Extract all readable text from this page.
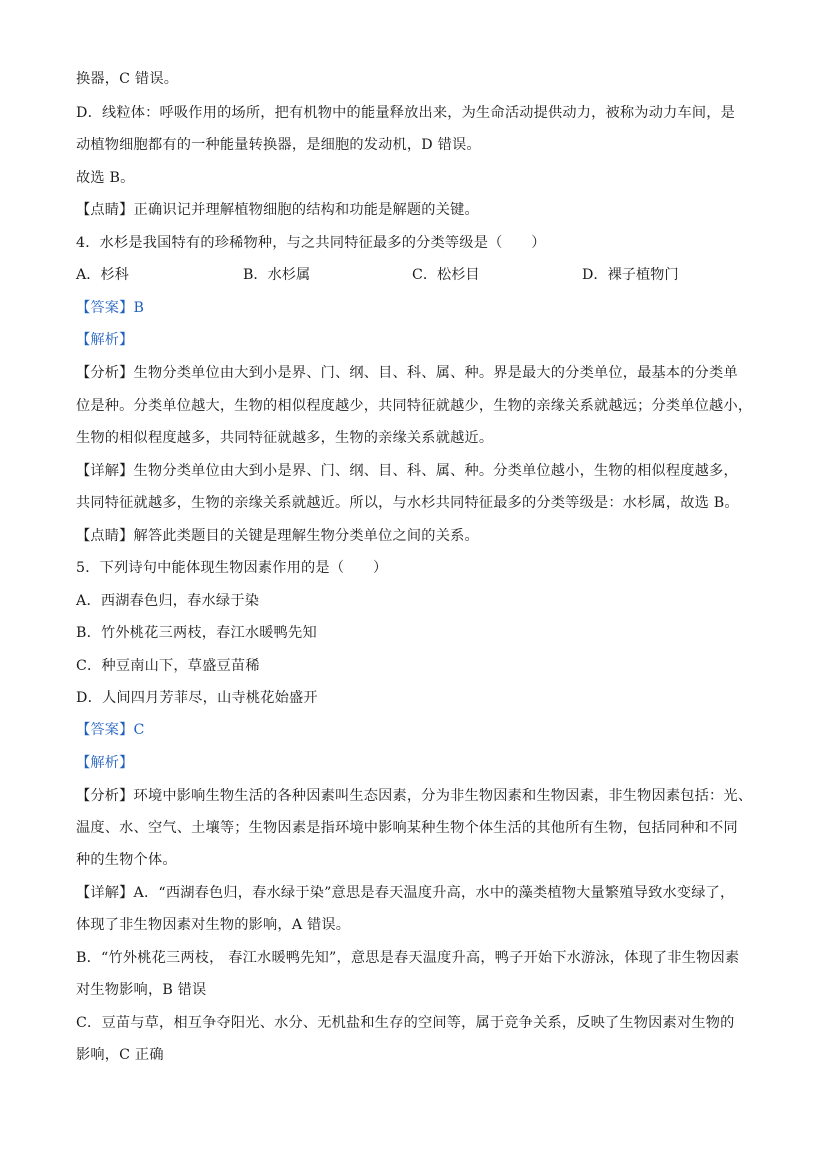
换器，C 错误。
D．线粒体：呼吸作用的场所，把有机物中的能量释放出来，为生命活动提供动力，被称为动力车间，是
动植物细胞都有的一种能量转换器，是细胞的发动机，D 错误。
故选 B。
【点睛】正确识记并理解植物细胞的结构和功能是解题的关键。
4．水杉是我国特有的珍稀物种，与之共同特征最多的分类等级是（　　）
A．杉科	B．水杉属	C．松杉目	D．裸子植物门
【答案】B
【解析】
【分析】生物分类单位由大到小是界、门、纲、目、科、属、种。界是最大的分类单位，最基本的分类单
位是种。分类单位越大，生物的相似程度越少，共同特征就越少，生物的亲缘关系就越远；分类单位越小，
生物的相似程度越多，共同特征就越多，生物的亲缘关系就越近。
【详解】生物分类单位由大到小是界、门、纲、目、科、属、种。分类单位越小，生物的相似程度越多，
共同特征就越多，生物的亲缘关系就越近。所以，与水杉共同特征最多的分类等级是：水杉属，故选 B。
【点睛】解答此类题目的关键是理解生物分类单位之间的关系。
5．下列诗句中能体现生物因素作用的是（　　）
A．西湖春色归，春水绿于染
B．竹外桃花三两枝，春江水暖鸭先知
C．种豆南山下，草盛豆苗稀
D．人间四月芳菲尽，山寺桃花始盛开
【答案】C
【解析】
【分析】环境中影响生物生活的各种因素叫生态因素，分为非生物因素和生物因素，非生物因素包括：光、
温度、水、空气、土壤等；生物因素是指环境中影响某种生物个体生活的其他所有生物，包括同种和不同
种的生物个体。
【详解】A．“西湖春色归，春水绿于染”意思是春天温度升高，水中的藻类植物大量繁殖导致水变绿了，
体现了非生物因素对生物的影响，A 错误。
B．“竹外桃花三两枝， 春江水暖鸭先知”，意思是春天温度升高，鸭子开始下水游泳，体现了非生物因素
对生物影响，B 错误
C．豆苗与草，相互争夺阳光、水分、无机盐和生存的空间等，属于竞争关系，反映了生物因素对生物的
影响，C 正确
